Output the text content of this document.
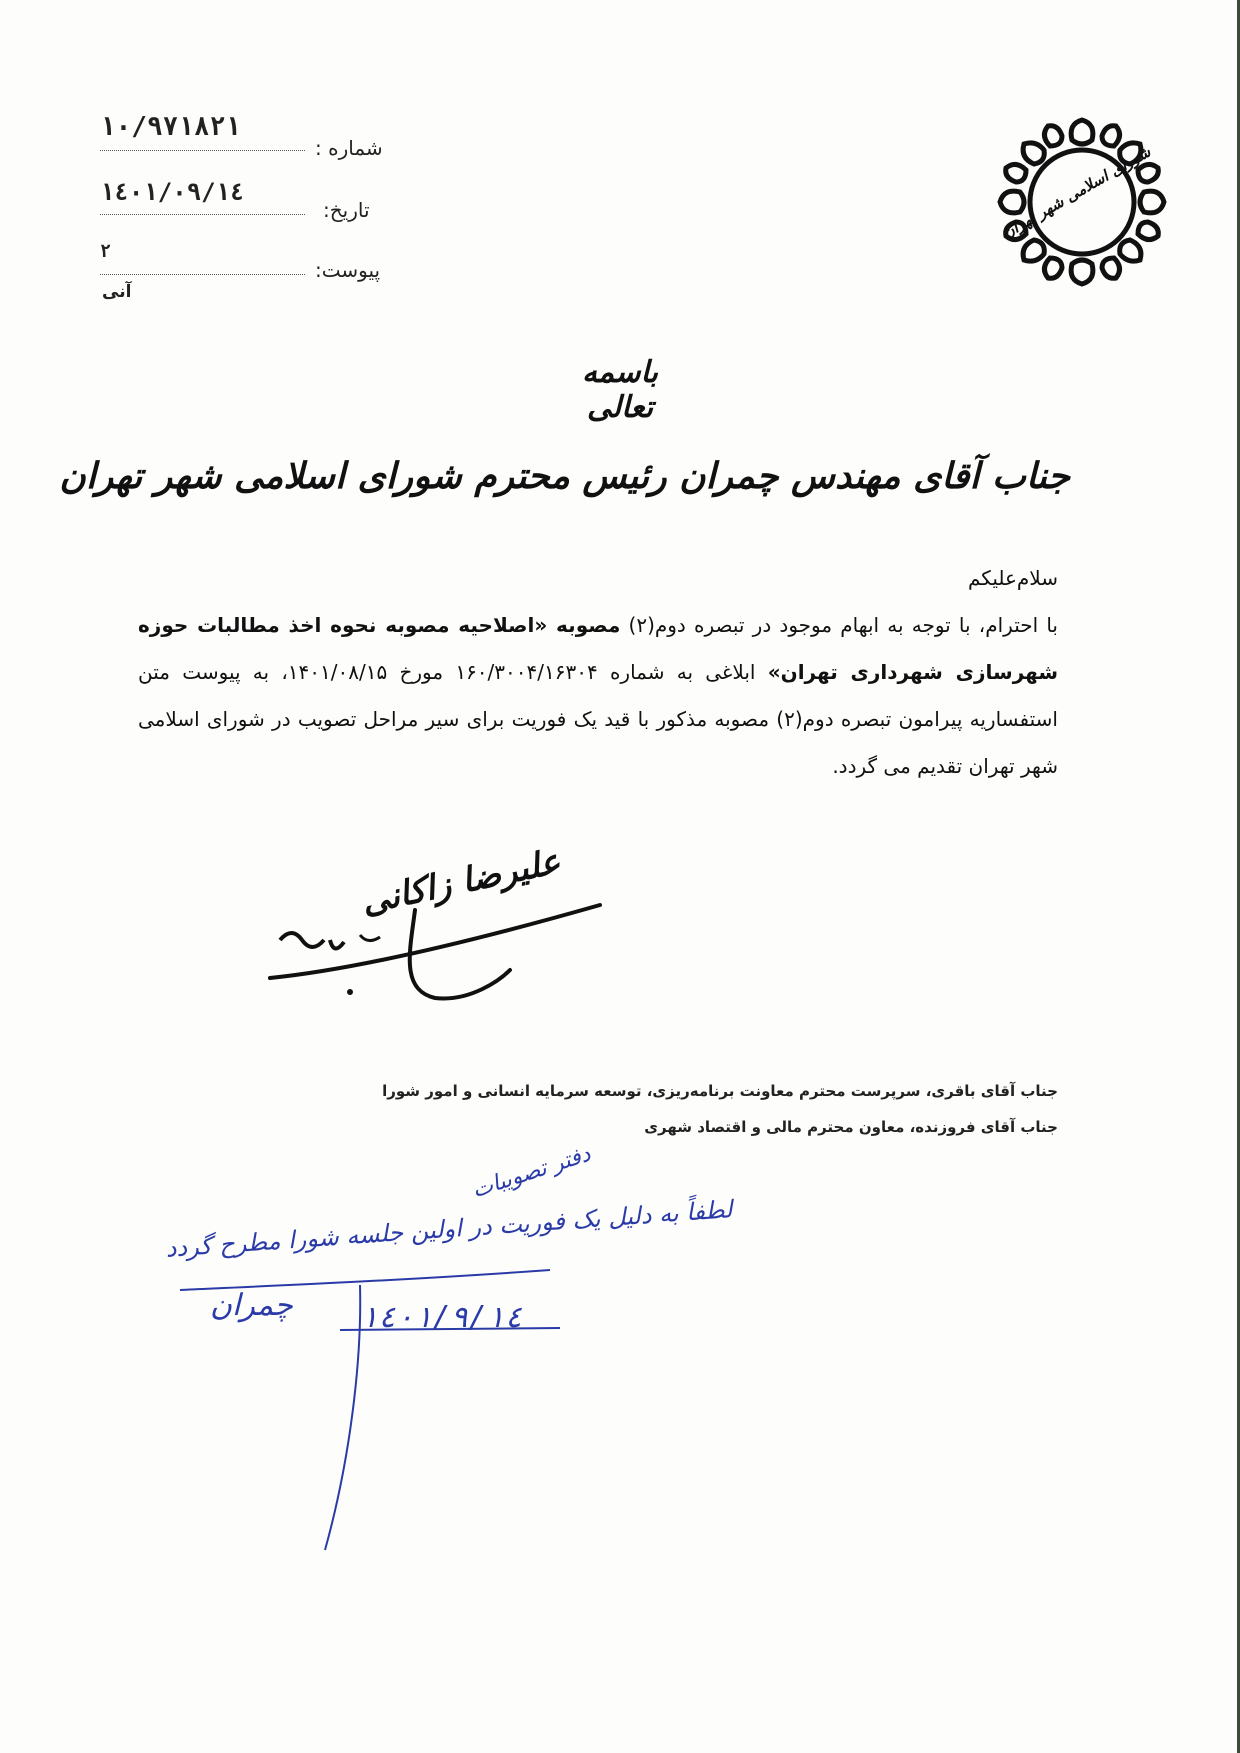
۱۰/۹۷۱۸۲۱
شماره :
۱٤۰۱/۰۹/۱٤
تاریخ:
۲
پیوست:
آنی
شورای اسلامی شهر تهران
باسمه تعالی
جناب آقای مهندس چمران رئیس محترم شورای اسلامی شهر تهران

سلام‌علیکم

با احترام، با توجه به ابهام موجود در تبصره دوم(۲) مصوبه «اصلاحیه مصوبه نحوه اخذ مطالبات حوزه شهرسازی شهرداری تهران» ابلاغی به شماره ۱۶۰/۳۰۰۴/۱۶۳۰۴ مورخ ۱۴۰۱/۰۸/۱۵، به پیوست متن استفساریه پیرامون تبصره دوم(۲) مصوبه مذکور با قید یک فوریت برای سیر مراحل تصویب در شورای اسلامی شهر تهران تقدیم می گردد.

علیرضا زاکانی
جناب آقای باقری، سرپرست محترم معاونت برنامه‌ریزی، توسعه سرمایه انسانی و امور شورا
جناب آقای فروزنده، معاون محترم مالی و اقتصاد شهری
دفتر تصویبات
لطفاً به دلیل یک فوریت در اولین جلسه شورا مطرح گردد
چمران ۱٤۰۱/۹/۱٤
